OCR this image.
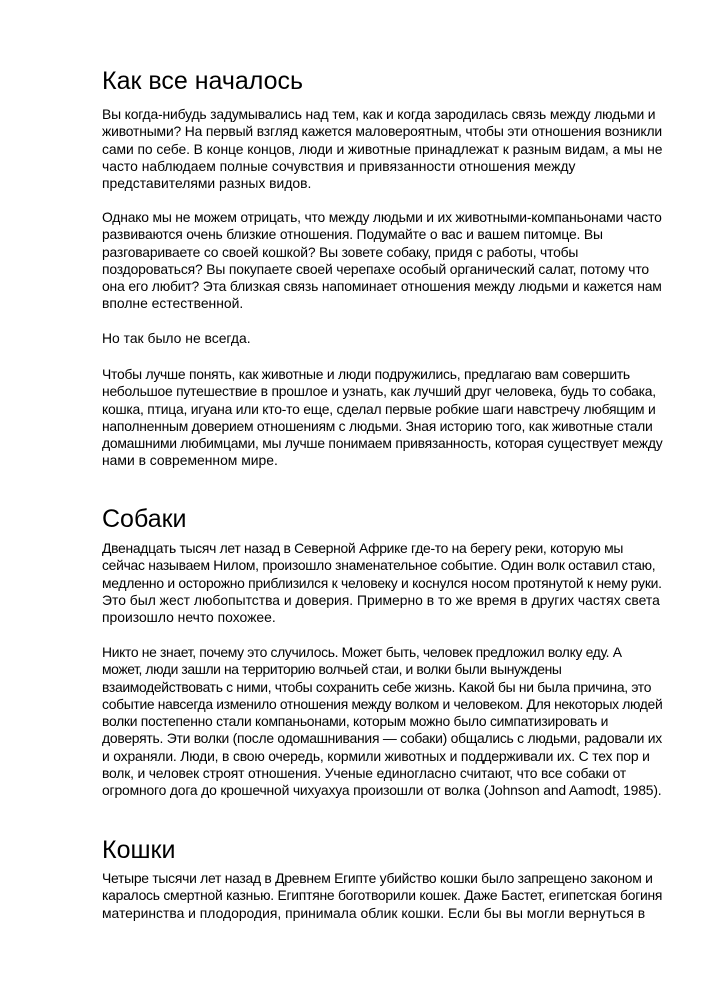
Как все началось

Вы когда-нибудь задумывались над тем, как и когда зародилась связь между людьми и
животными? На первый взгляд кажется маловероятным, чтобы эти отношения возникли
сами по себе. В конце концов, люди и животные принадлежат к разным видам, а мы не
часто наблюдаем полные сочувствия и привязанности отношения между
представителями разных видов.

Однако мы не можем отрицать, что между людьми и их животными-компаньонами часто
развиваются очень близкие отношения. Подумайте о вас и вашем питомце. Вы
разговариваете со своей кошкой? Вы зовете собаку, придя с работы, чтобы
поздороваться? Вы покупаете своей черепахе особый органический салат, потому что
она его любит? Эта близкая связь напоминает отношения между людьми и кажется нам
вполне естественной.

Но так было не всегда.

Чтобы лучше понять, как животные и люди подружились, предлагаю вам совершить
небольшое путешествие в прошлое и узнать, как лучший друг человека, будь то собака,
кошка, птица, игуана или кто-то еще, сделал первые робкие шаги навстречу любящим и
наполненным доверием отношениям с людьми. Зная историю того, как животные стали
домашними любимцами, мы лучше понимаем привязанность, которая существует между
нами в современном мире.

Собаки

Двенадцать тысяч лет назад в Северной Африке где-то на берегу реки, которую мы
сейчас называем Нилом, произошло знаменательное событие. Один волк оставил стаю,
медленно и осторожно приблизился к человеку и коснулся носом протянутой к нему руки.
Это был жест любопытства и доверия. Примерно в то же время в других частях света
произошло нечто похожее.

Никто не знает, почему это случилось. Может быть, человек предложил волку еду. А
может, люди зашли на территорию волчьей стаи, и волки были вынуждены
взаимодействовать с ними, чтобы сохранить себе жизнь. Какой бы ни была причина, это
событие навсегда изменило отношения между волком и человеком. Для некоторых людей
волки постепенно стали компаньонами, которым можно было симпатизировать и
доверять. Эти волки (после одомашнивания — собаки) общались с людьми, радовали их
и охраняли. Люди, в свою очередь, кормили животных и поддерживали их. С тех пор и
волк, и человек строят отношения. Ученые единогласно считают, что все собаки от
огромного дога до крошечной чихуахуа произошли от волка (Johnson and Aamodt, 1985).

Кошки

Четыре тысячи лет назад в Древнем Египте убийство кошки было запрещено законом и
каралось смертной казнью. Египтяне боготворили кошек. Даже Бастет, египетская богиня
материнства и плодородия, принимала облик кошки. Если бы вы могли вернуться в
